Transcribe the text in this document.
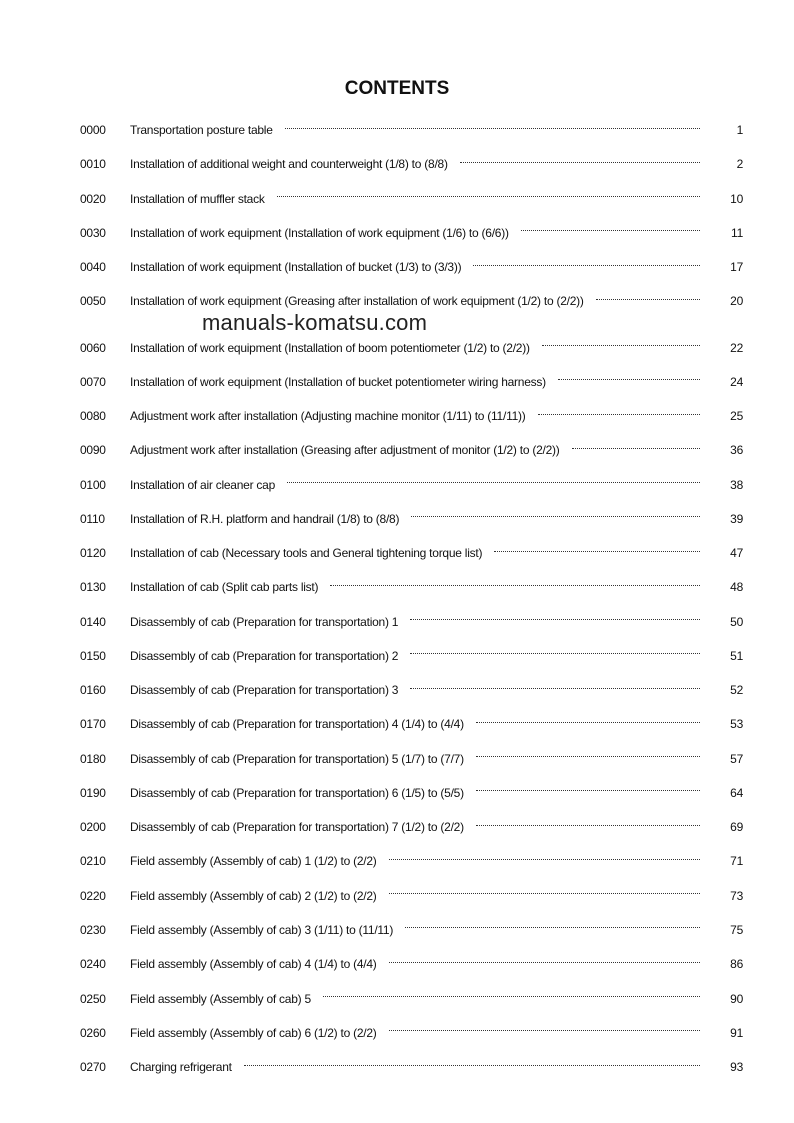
CONTENTS
0000	Transportation posture table	1
0010	Installation of additional weight and counterweight (1/8) to (8/8)	2
0020	Installation of muffler stack	10
0030	Installation of work equipment (Installation of work equipment (1/6) to (6/6))	11
0040	Installation of work equipment (Installation of bucket (1/3) to (3/3))	17
0050	Installation of work equipment (Greasing after installation of work equipment (1/2) to (2/2))	20
0060	Installation of work equipment (Installation of boom potentiometer (1/2) to (2/2))	22
0070	Installation of work equipment (Installation of bucket potentiometer wiring harness)	24
0080	Adjustment work after installation (Adjusting machine monitor (1/11) to (11/11))	25
0090	Adjustment work after installation (Greasing after adjustment of monitor (1/2) to (2/2))	36
0100	Installation of air cleaner cap	38
0110	Installation of R.H. platform and handrail (1/8) to (8/8)	39
0120	Installation of cab (Necessary tools and General tightening torque list)	47
0130	Installation of cab (Split cab parts list)	48
0140	Disassembly of cab (Preparation for transportation) 1	50
0150	Disassembly of cab (Preparation for transportation) 2	51
0160	Disassembly of cab (Preparation for transportation) 3	52
0170	Disassembly of cab (Preparation for transportation) 4 (1/4) to (4/4)	53
0180	Disassembly of cab (Preparation for transportation) 5 (1/7) to (7/7)	57
0190	Disassembly of cab (Preparation for transportation) 6 (1/5) to (5/5)	64
0200	Disassembly of cab (Preparation for transportation) 7 (1/2) to (2/2)	69
0210	Field assembly (Assembly of cab) 1 (1/2) to (2/2)	71
0220	Field assembly (Assembly of cab) 2 (1/2) to (2/2)	73
0230	Field assembly (Assembly of cab) 3 (1/11) to (11/11)	75
0240	Field assembly (Assembly of cab) 4 (1/4) to (4/4)	86
0250	Field assembly (Assembly of cab) 5	90
0260	Field assembly (Assembly of cab) 6 (1/2) to (2/2)	91
0270	Charging refrigerant	93
manuals-komatsu.com
